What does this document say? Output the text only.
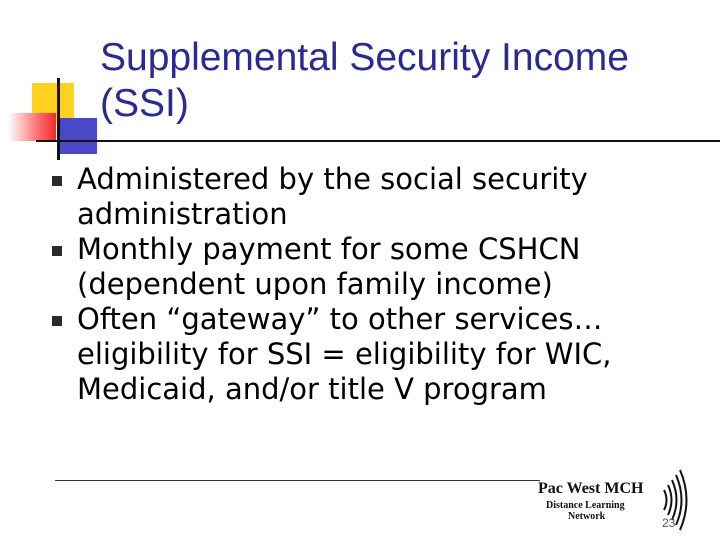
Supplemental Security Income
(SSI)
Administered by the social security
administration
Monthly payment for some CSHCN
(dependent upon family income)
Often “gateway” to other services…
eligibility for SSI = eligibility for WIC,
Medicaid, and/or title V program
Pac West MCH
Distance Learning
Network	23
